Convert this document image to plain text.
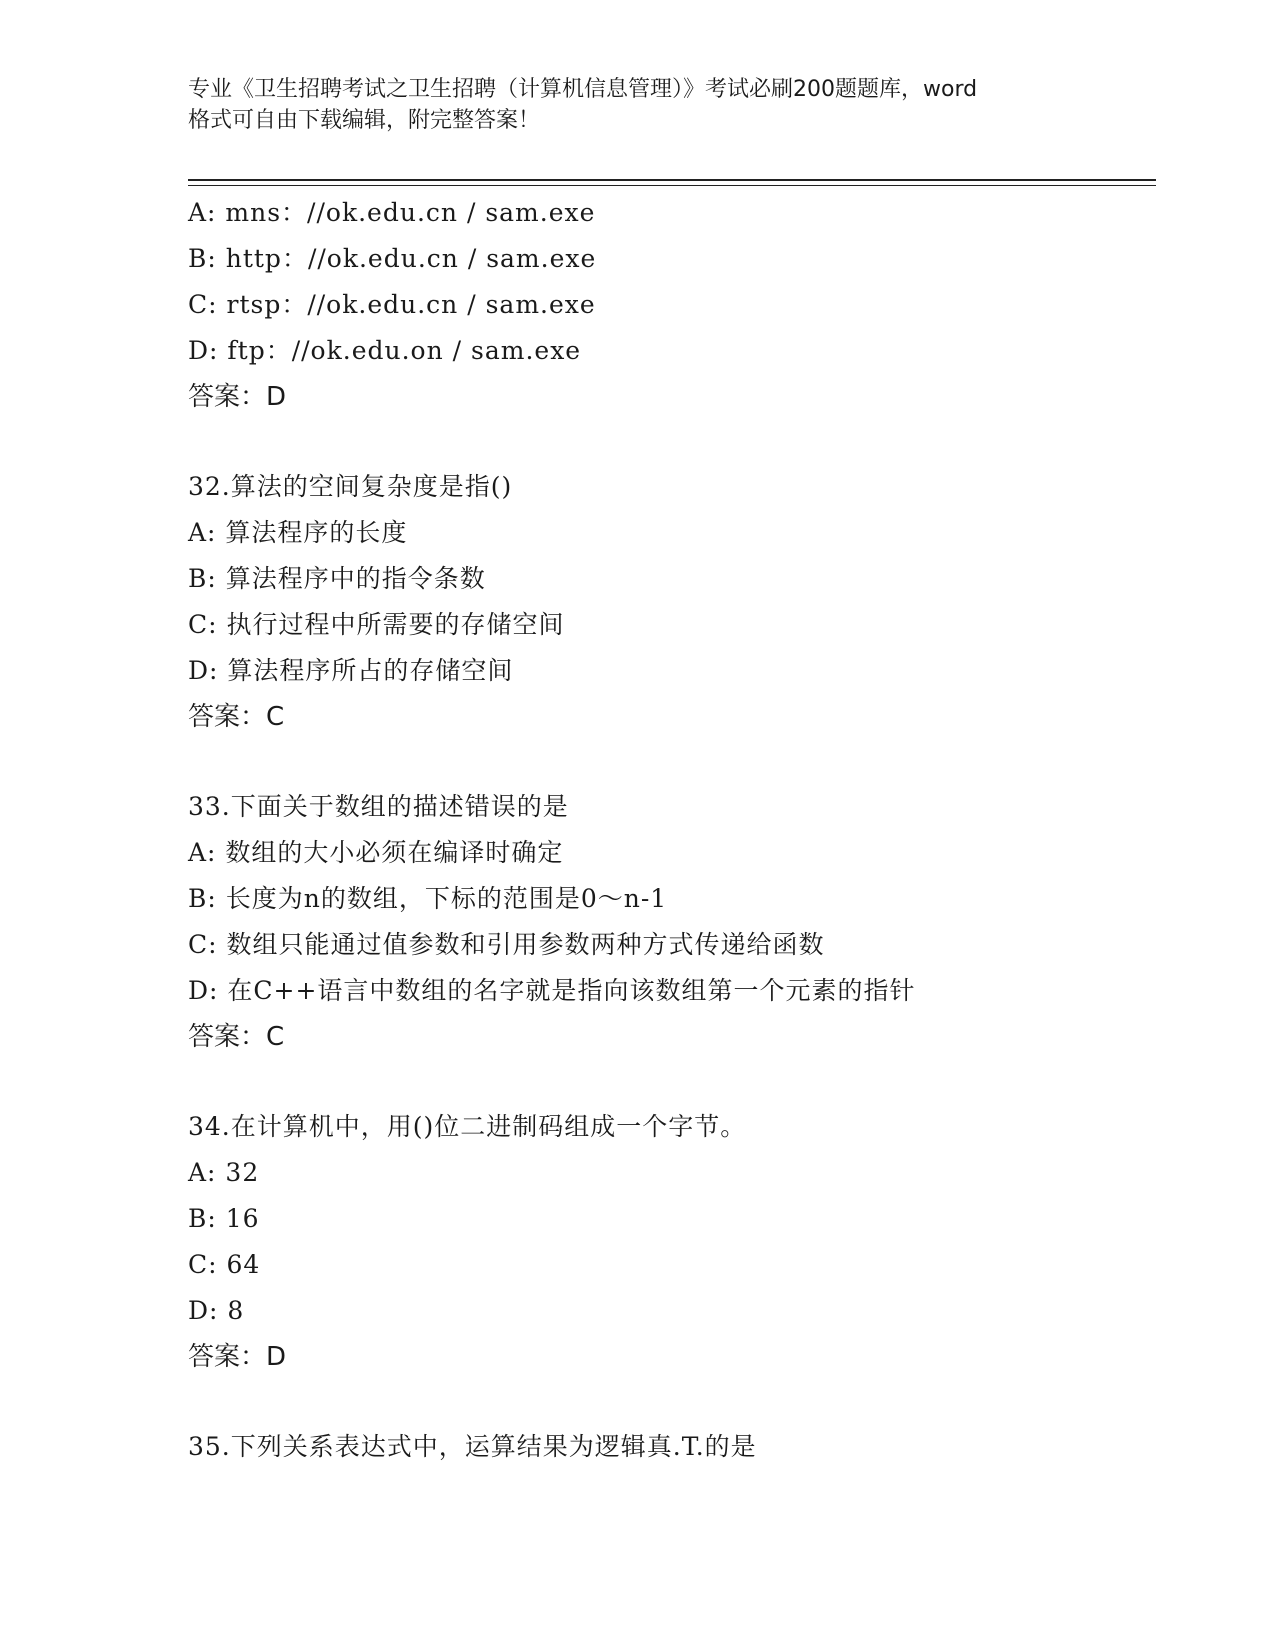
专业《卫生招聘考试之卫生招聘（计算机信息管理）》考试必刷200题题库，word
格式可自由下载编辑，附完整答案！
A: mns：//ok.edu.cn / sam.exe
B: http：//ok.edu.cn / sam.exe
C: rtsp：//ok.edu.cn / sam.exe
D: ftp：//ok.edu.on / sam.exe
答案：D
32.算法的空间复杂度是指()
A: 算法程序的长度
B: 算法程序中的指令条数
C: 执行过程中所需要的存储空间
D: 算法程序所占的存储空间
答案：C
33.下面关于数组的描述错误的是
A: 数组的大小必须在编译时确定
B: 长度为n的数组，下标的范围是0～n-1
C: 数组只能通过值参数和引用参数两种方式传递给函数
D: 在C++语言中数组的名字就是指向该数组第一个元素的指针
答案：C
34.在计算机中，用()位二进制码组成一个字节。
A: 32
B: 16
C: 64
D: 8
答案：D
35.下列关系表达式中，运算结果为逻辑真.T.的是
